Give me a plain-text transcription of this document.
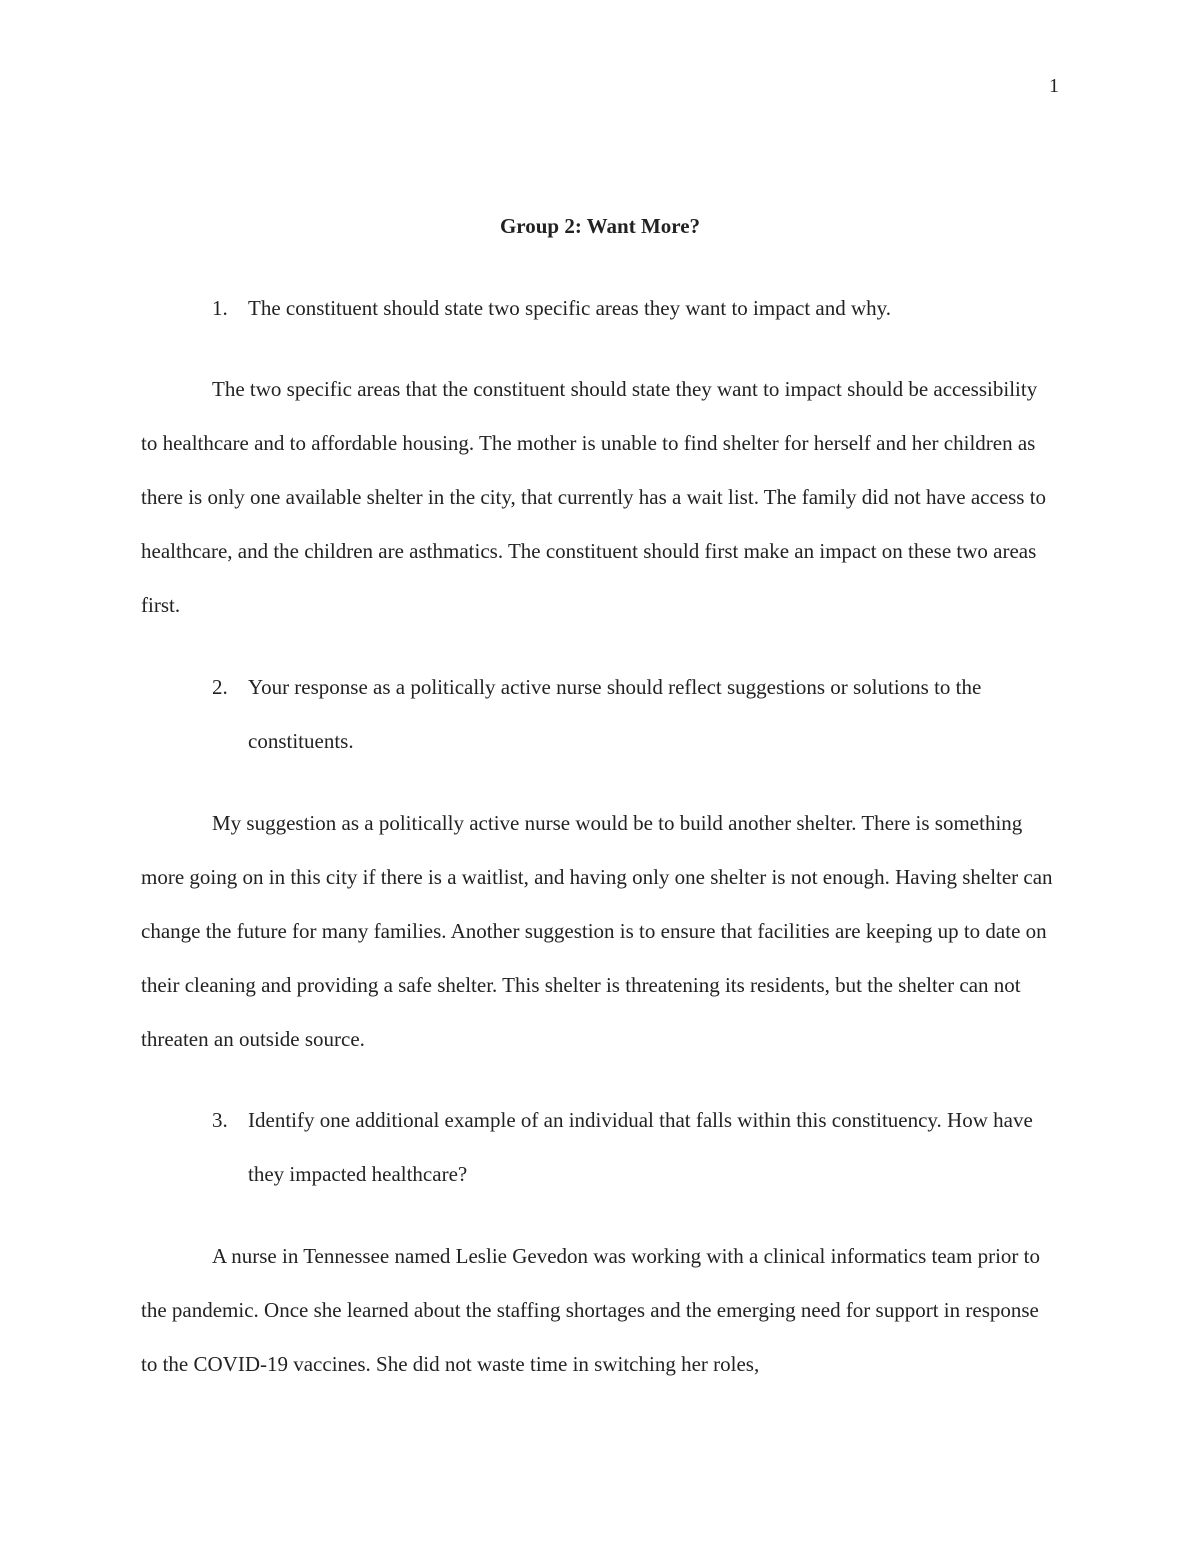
1
Group 2: Want More?
1. The constituent should state two specific areas they want to impact and why.

The two specific areas that the constituent should state they want to impact should be accessibility to healthcare and to affordable housing. The mother is unable to find shelter for herself and her children as there is only one available shelter in the city, that currently has a wait list. The family did not have access to healthcare, and the children are asthmatics. The constituent should first make an impact on these two areas first.

2. Your response as a politically active nurse should reflect suggestions or solutions to the constituents.

My suggestion as a politically active nurse would be to build another shelter. There is something more going on in this city if there is a waitlist, and having only one shelter is not enough. Having shelter can change the future for many families. Another suggestion is to ensure that facilities are keeping up to date on their cleaning and providing a safe shelter. This shelter is threatening its residents, but the shelter can not threaten an outside source.

3. Identify one additional example of an individual that falls within this constituency. How have they impacted healthcare?

A nurse in Tennessee named Leslie Gevedon was working with a clinical informatics team prior to the pandemic. Once she learned about the staffing shortages and the emerging need for support in response to the COVID-19 vaccines. She did not waste time in switching her roles,
